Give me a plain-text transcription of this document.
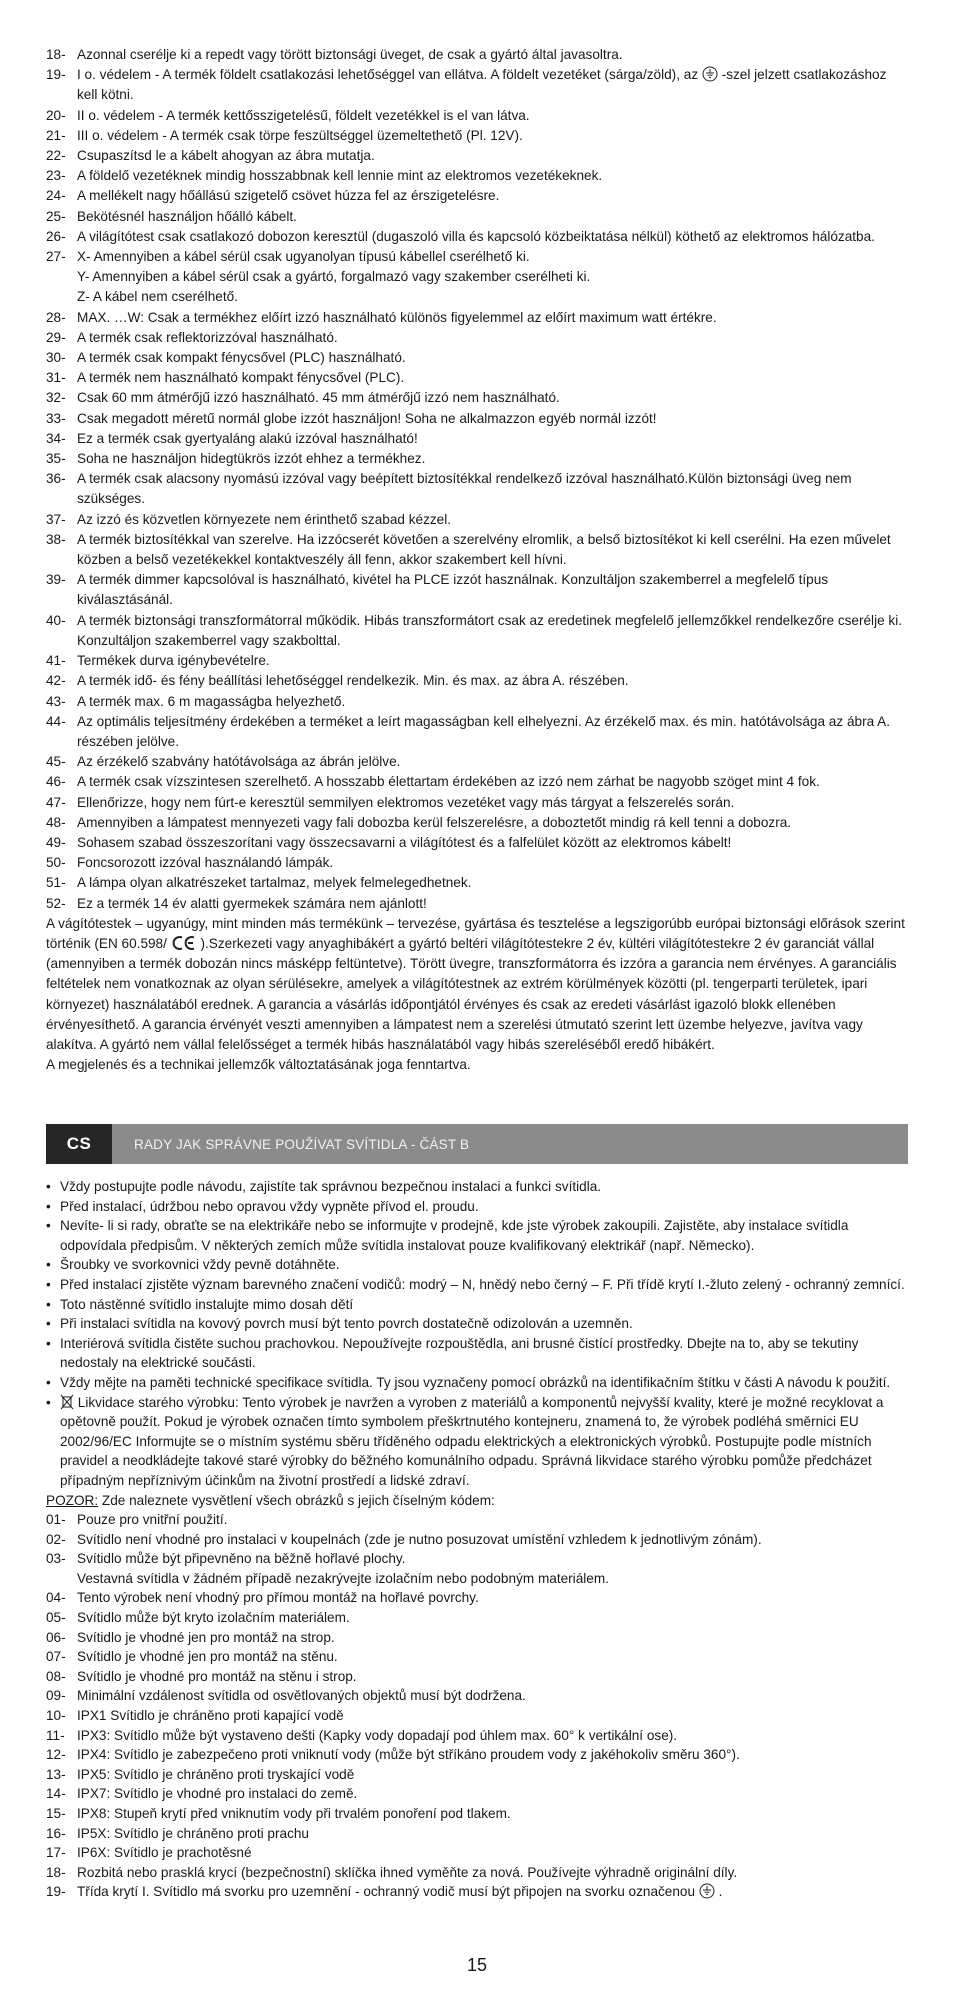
18- Azonnal cserélje ki a repedt vagy törött biztonsági üveget, de csak a gyártó által javasoltra.
19- I o. védelem - A termék földelt csatlakozási lehetőséggel van ellátva. A földelt vezetéket (sárga/zöld), az -szel jelzett csatlakozáshoz kell kötni.
20- II o. védelem - A termék kettősszigetelésű, földelt vezetékkel is el van látva.
21- III o. védelem - A termék csak törpe feszültséggel üzemeltethető (Pl. 12V).
22- Csupaszítsd le a kábelt ahogyan az ábra mutatja.
23- A földelő vezetéknek mindig hosszabbnak kell lennie mint az elektromos vezetékeknek.
24- A mellékelt nagy hőállású szigetelő csövet húzza fel az érszigetelésre.
25- Bekötésnél használjon hőálló kábelt.
26- A világítótest csak csatlakozó dobozon keresztül (dugaszoló villa és kapcsoló közbeiktatása nélkül) köthető az elektromos hálózatba.
27- X- Amennyiben a kábel sérül csak ugyanolyan típusú kábellel cserélhető ki.
Y- Amennyiben a kábel sérül csak a gyártó, forgalmazó vagy szakember cserélheti ki.
Z- A kábel nem cserélhető.
28- MAX. …W: Csak a termékhez előírt izzó használható különös figyelemmel az előírt maximum watt értékre.
29- A termék csak reflektorizzóval használható.
30- A termék csak kompakt fénycsővel (PLC) használható.
31- A termék nem használható kompakt fénycsővel (PLC).
32- Csak 60 mm átmérőjű izzó használható. 45 mm átmérőjű izzó nem használható.
33- Csak megadott méretű normál globe izzót használjon! Soha ne alkalmazzon egyéb normál izzót!
34- Ez a termék csak gyertyaláng alakú izzóval használható!
35- Soha ne használjon hidegtükrös izzót ehhez a termékhez.
36- A termék csak alacsony nyomású izzóval vagy beépített biztosítékkal rendelkező izzóval használható.Külön biztonsági üveg nem szükséges.
37- Az izzó és közvetlen környezete nem érinthető szabad kézzel.
38- A termék biztosítékkal van szerelve. Ha izzócserét követően a szerelvény elromlik, a belső biztosítékot ki kell cserélni. Ha ezen művelet közben a belső vezetékekkel kontaktveszély áll fenn, akkor szakembert kell hívni.
39- A termék dimmer kapcsolóval is használható, kivétel ha PLCE izzót használnak. Konzultáljon szakemberrel a megfelelő típus kiválasztásánál.
40- A termék biztonsági transzformátorral működik. Hibás transzformátort csak az eredetinek megfelelő jellemzőkkel rendelkezőre cserélje ki. Konzultáljon szakemberrel vagy szakbolttal.
41- Termékek durva igénybevételre.
42- A termék idő- és fény beállítási lehetőséggel rendelkezik. Min. és max. az ábra A. részében.
43- A termék max. 6 m magasságba helyezhető.
44- Az optimális teljesítmény érdekében a terméket a leírt magasságban kell elhelyezni. Az érzékelő max. és min. hatótávolsága az ábra A. részében jelölve.
45- Az érzékelő szabvány hatótávolsága az ábrán jelölve.
46- A termék csak vízszintesen szerelhető. A hosszabb élettartam érdekében az izzó nem zárhat be nagyobb szöget mint 4 fok.
47- Ellenőrizze, hogy nem fúrt-e keresztül semmilyen elektromos vezetéket vagy más tárgyat a felszerelés során.
48- Amennyiben a lámpatest mennyezeti vagy fali dobozba kerül felszerelésre, a doboztetőt mindig rá kell tenni a dobozra.
49- Sohasem szabad összeszorítani vagy összecsavarni a világítótest és a falfelület között az elektromos kábelt!
50- Foncsorozott izzóval használandó lámpák.
51- A lámpa olyan alkatrészeket tartalmaz, melyek felmelegedhetnek.
52- Ez a termék 14 év alatti gyermekek számára nem ajánlott!
A vágítótestek – ugyanúgy, mint minden más termékünk – tervezése, gyártása és tesztelése a legszigorúbb európai biztonsági előrások szerint történik (EN 60.598/ ).Szerkezeti vagy anyaghibákért a gyártó beltéri világítótestekre 2 év, kültéri világítótestekre 2 év garanciát vállal (amennyiben a termék dobozán nincs másképp feltüntetve). Törött üvegre, transzformátorra és izzóra a garancia nem érvényes. A garanciális feltételek nem vonatkoznak az olyan sérülésekre, amelyek a világítótestnek az extrém körülmények közötti (pl. tengerparti területek, ipari környezet) használatából erednek. A garancia a vásárlás időpontjától érvényes és csak az eredeti vásárlást igazoló blokk ellenében érvényesíthető. A garancia érvényét veszti amennyiben a lámpatest nem a szerelési útmutató szerint lett üzembe helyezve, javítva vagy alakítva. A gyártó nem vállal felelősséget a termék hibás használatából vagy hibás szereléséből eredő hibákért.
A megjelenés és a technikai jellemzők változtatásának joga fenntartva.
CS	RADY JAK SPRÁVNE POUŽÍVAT SVÍTIDLA - ČÁST B
• Vždy postupujte podle návodu, zajistíte tak správnou bezpečnou instalaci a funkci svítidla.
• Před instalací, údržbou nebo opravou vždy vypněte přívod el. proudu.
• Nevíte- li si rady, obraťte se na elektrikáře nebo se informujte v prodejně, kde jste výrobek zakoupili. Zajistěte, aby instalace svítidla odpovídala předpisům. V některých zemích může svítidla instalovat pouze kvalifikovaný elektrikář (např. Německo).
• Šroubky ve svorkovnici vždy pevně dotáhněte.
• Před instalací zjistěte význam barevného značení vodičů: modrý – N, hnědý nebo černý – F. Při třídě krytí I.-žluto zelený - ochranný zemnící.
• Toto nástěnné svítidlo instalujte mimo dosah dětí
• Při instalaci svítidla na kovový povrch musí být tento povrch dostatečně odizolován a uzemněn.
• Interiérová svítidla čistěte suchou prachovkou. Nepoužívejte rozpouštědla, ani brusné čistící prostředky. Dbejte na to, aby se tekutiny nedostaly na elektrické součásti.
• Vždy mějte na paměti technické specifikace svítidla. Ty jsou vyznačeny pomocí obrázků na identifikačním štítku v části A návodu k použití.
•	Likvidace starého výrobku: Tento výrobek je navržen a vyroben z materiálů a komponentů nejvyšší kvality, které je možné recyklovat a opětovně použít. Pokud je výrobek označen tímto symbolem přeškrtnutého kontejneru, znamená to, že výrobek podléhá směrnici EU 2002/96/EC Informujte se o místním systému sběru tříděného odpadu elektrických a elektronických výrobků. Postupujte podle místních pravidel a neodkládejte takové staré výrobky do běžného komunálního odpadu. Správná likvidace starého výrobku pomůže předcházet případným nepříznivým účinkům na životní prostředí a lidské zdraví.
POZOR: Zde naleznete vysvětlení všech obrázků s jejich číselným kódem:
01- Pouze pro vnitřní použití.
02- Svítidlo není vhodné pro instalaci v koupelnách (zde je nutno posuzovat umístění vzhledem k jednotlivým zónám).
03- Svítidlo může být připevněno na běžně hořlavé plochy.
Vestavná svítidla v žádném případě nezakrývejte izolačním nebo podobným materiálem.
04- Tento výrobek není vhodný pro přímou montáž na hořlavé povrchy.
05- Svítidlo může být kryto izolačním materiálem.
06- Svítidlo je vhodné jen pro montáž na strop.
07- Svítidlo je vhodné jen pro montáž na stěnu.
08- Svítidlo je vhodné pro montáž na stěnu i strop.
09- Minimální vzdálenost svítidla od osvětlovaných objektů musí být dodržena.
10- IPX1 Svítidlo je chráněno proti kapající vodě
11- IPX3: Svítidlo může být vystaveno dešti (Kapky vody dopadají pod úhlem max. 60° k vertikální ose).
12- IPX4: Svítidlo je zabezpečeno proti vniknutí vody (může být stříkáno proudem vody z jakéhokoliv směru 360°).
13- IPX5: Svítidlo je chráněno proti tryskající vodě
14- IPX7: Svítidlo je vhodné pro instalaci do země.
15- IPX8: Stupeň krytí před vniknutím vody při trvalém ponoření pod tlakem.
16- IP5X: Svítidlo je chráněno proti prachu
17- IP6X: Svítidlo je prachotěsné
18- Rozbitá nebo prasklá krycí (bezpečnostní) sklíčka ihned vyměňte za nová. Používejte výhradně originální díly.
19- Třída krytí I. Svítidlo má svorku pro uzemnění - ochranný vodič musí být připojen na svorku označenou .
15
